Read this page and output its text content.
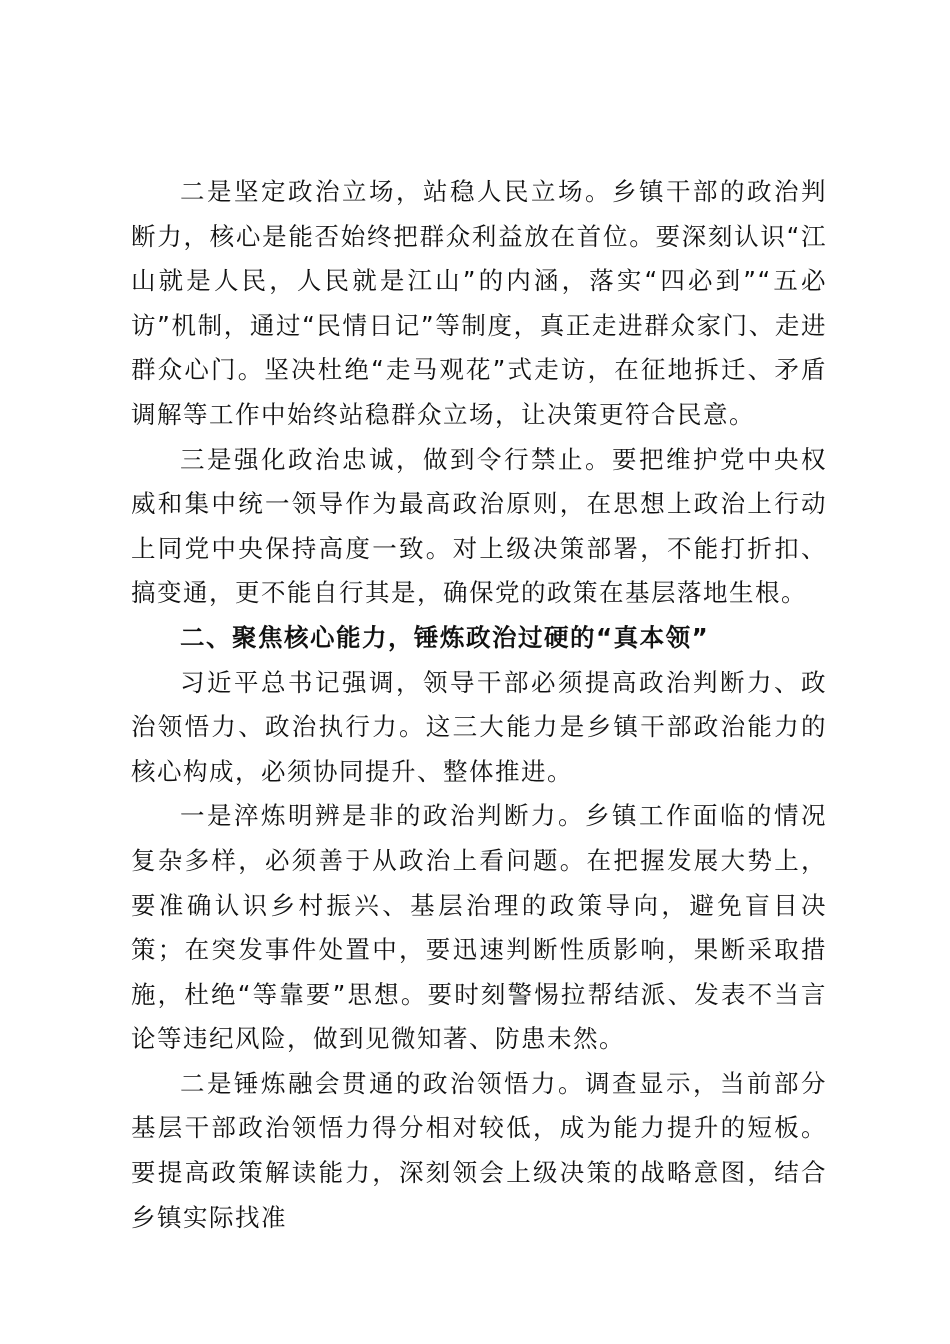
二是坚定政治立场，站稳人民立场。乡镇干部的政治判断力，核心是能否始终把群众利益放在首位。要深刻认识“江山就是人民，人民就是江山”的内涵，落实“四必到”“五必访”机制，通过“民情日记”等制度，真正走进群众家门、走进群众心门。坚决杜绝“走马观花”式走访，在征地拆迁、矛盾调解等工作中始终站稳群众立场，让决策更符合民意。

三是强化政治忠诚，做到令行禁止。要把维护党中央权威和集中统一领导作为最高政治原则，在思想上政治上行动上同党中央保持高度一致。对上级决策部署，不能打折扣、搞变通，更不能自行其是，确保党的政策在基层落地生根。

二、聚焦核心能力，锤炼政治过硬的“真本领”

习近平总书记强调，领导干部必须提高政治判断力、政治领悟力、政治执行力。这三大能力是乡镇干部政治能力的核心构成，必须协同提升、整体推进。

一是淬炼明辨是非的政治判断力。乡镇工作面临的情况复杂多样，必须善于从政治上看问题。在把握发展大势上，要准确认识乡村振兴、基层治理的政策导向，避免盲目决策；在突发事件处置中，要迅速判断性质影响，果断采取措施，杜绝“等靠要”思想。要时刻警惕拉帮结派、发表不当言论等违纪风险，做到见微知著、防患未然。

二是锤炼融会贯通的政治领悟力。调查显示，当前部分基层干部政治领悟力得分相对较低，成为能力提升的短板。要提高政策解读能力，深刻领会上级决策的战略意图，结合乡镇实际找准
